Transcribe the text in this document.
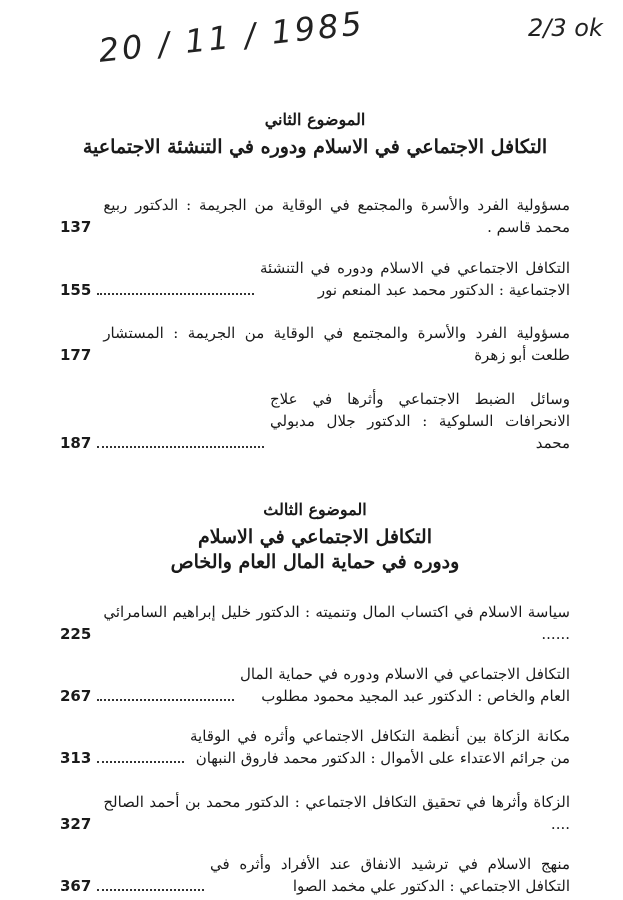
20 / 11 / 1985	2/3 ok

الموضوع الثاني

التكافل الاجتماعي في الاسلام ودوره في التنشئة الاجتماعية

مسؤولية الفرد والأسرة والمجتمع في الوقاية من الجريمة : الدكتور ربيع محمد قاسم .
137
التكافل الاجتماعي في الاسلام ودوره في التنشئة الاجتماعية : الدكتور محمد عبد المنعم نور
155
مسؤولية الفرد والأسرة والمجتمع في الوقاية من الجريمة : المستشار طلعت أبو زهرة
177
وسائل الضبط الاجتماعي وأثرها في علاج الانحرافات السلوكية : الدكتور جلال مدبولي محمد
187

الموضوع الثالث

التكافل الاجتماعي في الاسلام

ودوره في حماية المال العام والخاص

سياسة الاسلام في اكتساب المال وتنميته : الدكتور خليل إبراهيم السامرائي ......
225
التكافل الاجتماعي في الاسلام ودوره في حماية المال العام والخاص : الدكتور عبد المجيد محمود مطلوب
267
مكانة الزكاة بين أنظمة التكافل الاجتماعي وأثره في الوقاية من جرائم الاعتداء على الأموال : الدكتور محمد فاروق النبهان
313
الزكاة وأثرها في تحقيق التكافل الاجتماعي : الدكتور محمد بن أحمد الصالح ....
327
منهج الاسلام في ترشيد الانفاق عند الأفراد وأثره في التكافل الاجتماعي : الدكتور علي مخمد الصوا
367
